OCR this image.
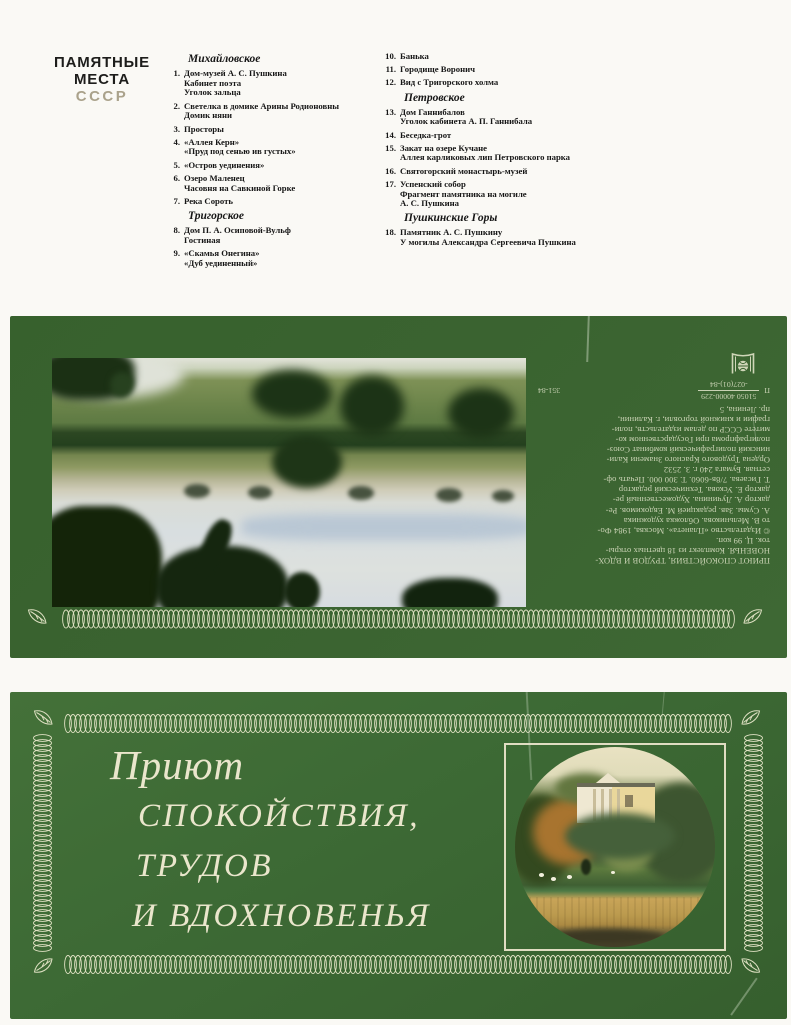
ПАМЯТНЫЕ
МЕСТА
СССР
Михайловское
1. Дом-музей А. С. Пушкина
Кабинет поэта
Уголок зальца
2. Светелка в домике Арины Родионовны
Домик няни
3. Просторы
4. «Аллея Керн»
«Пруд под сенью ив густых»
5. «Остров уединения»
6. Озеро Маленец
Часовня на Савкиной Горке
7. Река Сороть
Тригорское
8. Дом П. А. Осиповой-Вульф
Гостиная
9. «Скамья Онегина»
«Дуб уединенный»
10. Банька
11. Городище Воронич
12. Вид с Тригорского холма
Петровское
13. Дом Ганнибалов
Уголок кабинета А. П. Ганнибала
14. Беседка-грот
15. Закат на озере Кучане
Аллея карликовых лип Петровского парка
16. Святогорский монастырь-музей
17. Успенский собор
Фрагмент памятника на могиле
А. С. Пушкина
Пушкинские Горы
18. Памятник А. С. Пушкину
У могилы Александра Сергеевича Пушкина
ПРИЮТ СПОКОЙСТВИЯ, ТРУДОВ И ВДОХ-
НОВЕНЬЯ. Комплект из 18 цветных откры-
ток. Ц. 99 коп.
© Издательство «Планета». Москва, 1984 Фо-
то В. Мельникова. Обложка художника
А. Сумы. Зав. редакцией М. Евдокимов. Ре-
дактор А. Лучинина. Художественный ре-
дактор Е. Ускова. Технический редактор
Т. Гисаева. 7/8в-6060. Т. 300 000. Печать оф-
сетная. Бумага 240 г. З. 2532
Ордена Трудового Красного Знамени Кали-
нинский полиграфический комбинат Союз-
полиграфпрома при Государственном ко-
митете СССР по делам издательств, поли-
графии и книжной торговли, г. Калинин,
пр. Ленина, 5
П
51050 40000-229
-027(01)-84
351-84
Приют
СПОКОЙСТВИЯ,
ТРУДОВ
И ВДОХНОВЕНЬЯ
